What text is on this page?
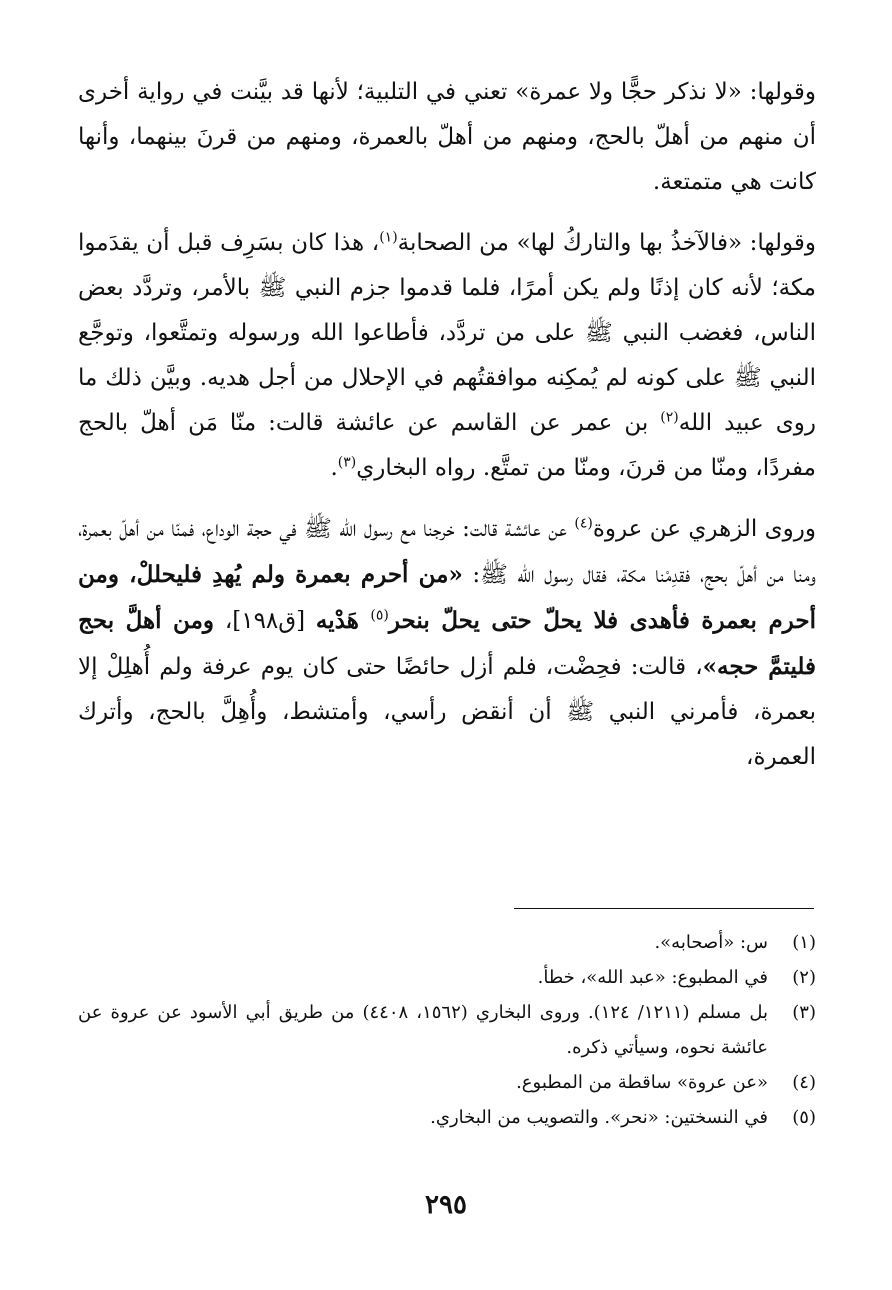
وقولها: «لا نذكر حجًّا ولا عمرة» تعني في التلبية؛ لأنها قد بيَّنت في رواية أخرى أن منهم من أهلّ بالحج، ومنهم من أهلّ بالعمرة، ومنهم من قرنَ بينهما، وأنها كانت هي متمتعة.

وقولها: «فالآخذُ بها والتاركُ لها» من الصحابة$^{(١)}$، هذا كان بسَرِف قبل أن يقدَموا مكة؛ لأنه كان إذنًا ولم يكن أمرًا، فلما قدموا جزم النبي ﷺ بالأمر، وتردَّد بعض الناس، فغضب النبي ﷺ على من تردَّد، فأطاعوا الله ورسوله وتمتَّعوا، وتوجَّع النبي ﷺ على كونه لم يُمكِنه موافقتُهم في الإحلال من أجل هديه. وبيَّن ذلك ما روى عبيد الله$^{(٢)}$ بن عمر عن القاسم عن عائشة قالت: منّا مَن أهلّ بالحج مفردًا، ومنّا من قرنَ، ومنّا من تمتَّع. رواه البخاري$^{(٣)}$.

وروى الزهري عن عروة$^{(٤)}$ عن عائشة قالت: خرجنا مع رسول الله ﷺ في حجة الوداع، فمنّا من أهلّ بعمرة، ومنا من أهلّ بحج، فقدِمْنا مكة، فقال رسول الله ﷺ: «من أحرم بعمرة ولم يُهدِ فليحللْ، ومن أحرم بعمرة فأهدى فلا يحلّ حتى يحلّ بنحر$^{(٥)}$ هَدْيه [ق١٩٨]، ومن أهلَّ بحج فليتمَّ حجه»، قالت: فحِضْت، فلم أزل حائضًا حتى كان يوم عرفة ولم أُهلِلْ إلا بعمرة، فأمرني النبي ﷺ أن أنقض رأسي، وأمتشط، وأُهِلَّ بالحج، وأترك العمرة،

(١)
س: «أصحابه».
(٢)
في المطبوع: «عبد الله»، خطأ.
(٣)
بل مسلم (١٢١١/ ١٢٤). وروى البخاري (١٥٦٢، ٤٤٠٨) من طريق أبي الأسود عن عروة عن عائشة نحوه، وسيأتي ذكره.
(٤)
«عن عروة» ساقطة من المطبوع.
(٥)
في النسختين: «نحر». والتصويب من البخاري.
٢٩٥
